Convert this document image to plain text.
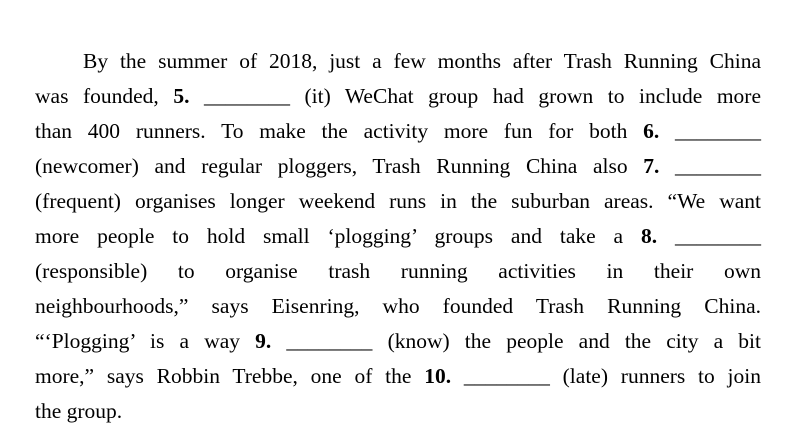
By the summer of 2018, just a few months after Trash Running China
was founded, 5. ________ (it) WeChat group had grown to include more
than 400 runners. To make the activity more fun for both 6. ________
(newcomer) and regular ploggers, Trash Running China also 7. ________
(frequent) organises longer weekend runs in the suburban areas. “We want
more people to hold small ‘plogging’ groups and take a 8. ________
(responsible) to organise trash running activities in their own
neighbourhoods,” says Eisenring, who founded Trash Running China.
“‘Plogging’ is a way 9. ________ (know) the people and the city a bit
more,” says Robbin Trebbe, one of the 10. ________ (late) runners to join
the group.
